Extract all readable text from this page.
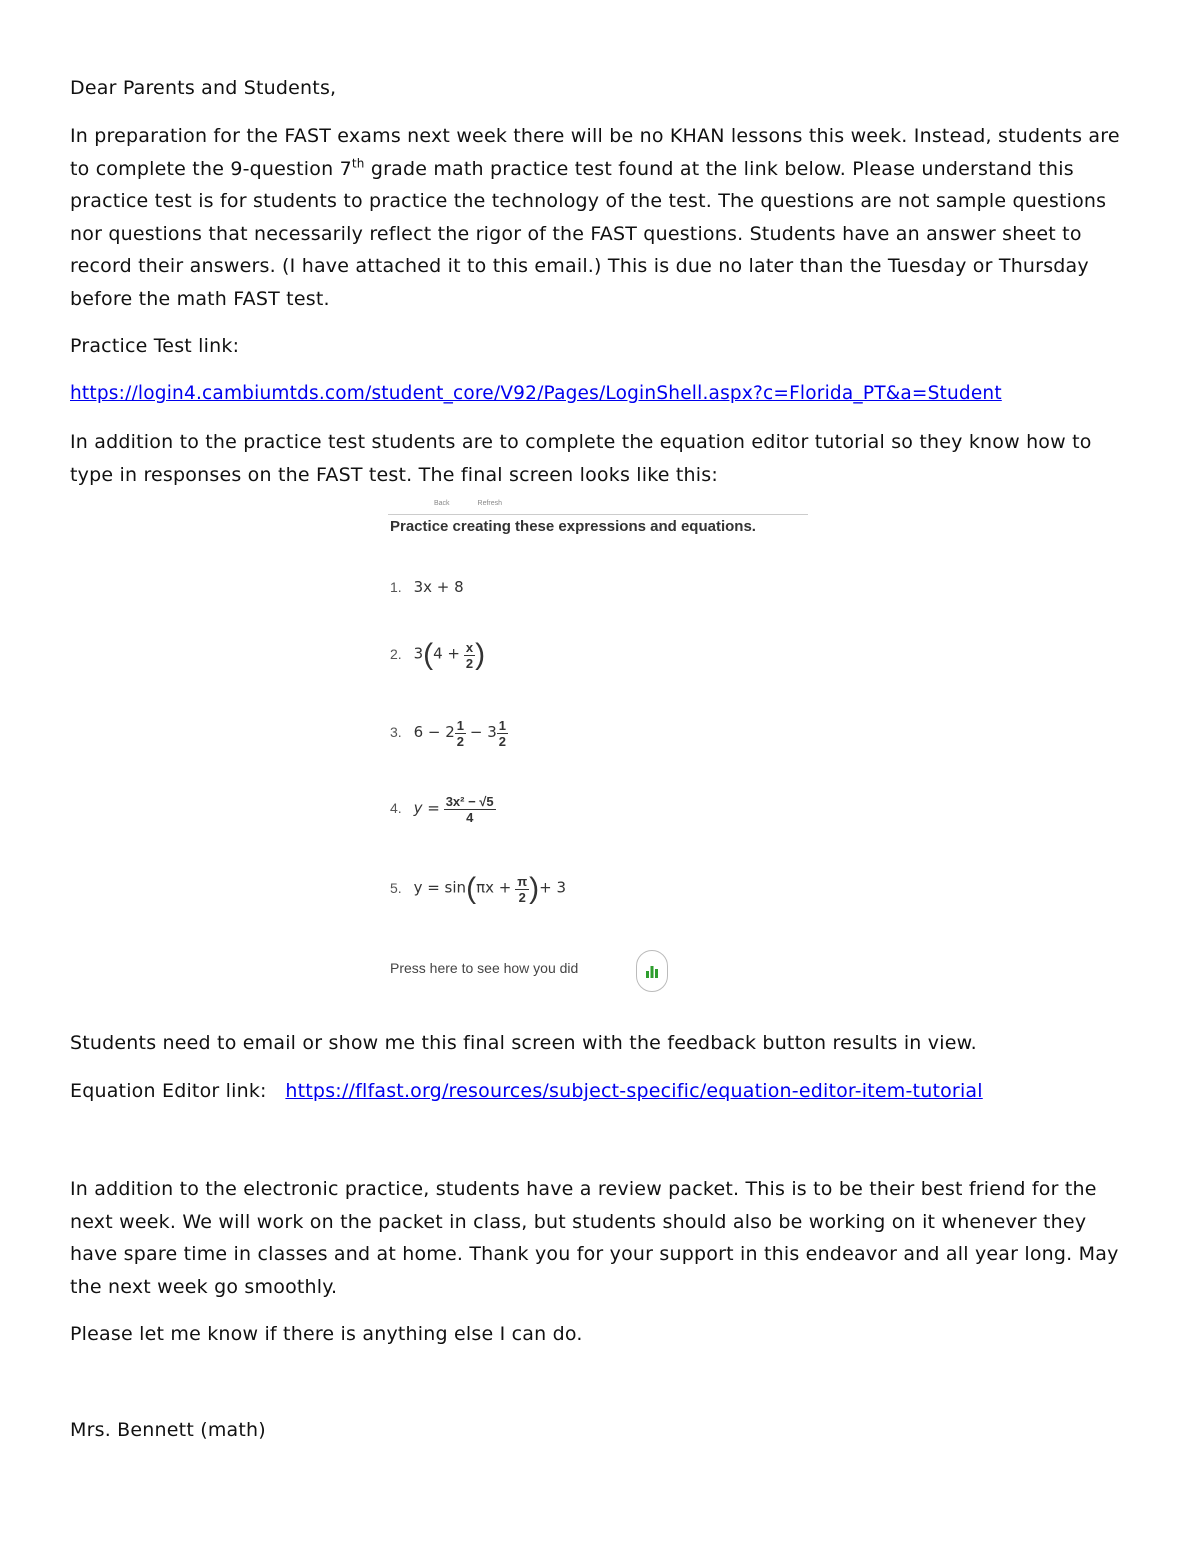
Dear Parents and Students,
In preparation for the FAST exams next week there will be no KHAN lessons this week. Instead, students are to complete the 9-question 7th grade math practice test found at the link below. Please understand this practice test is for students to practice the technology of the test. The questions are not sample questions nor questions that necessarily reflect the rigor of the FAST questions. Students have an answer sheet to record their answers. (I have attached it to this email.) This is due no later than the Tuesday or Thursday before the math FAST test.
Practice Test link:
https://login4.cambiumtds.com/student_core/V92/Pages/LoginShell.aspx?c=Florida_PT&a=Student
In addition to the practice test students are to complete the equation editor tutorial so they know how to type in responses on the FAST test. The final screen looks like this:
Back	Refresh
Practice creating these expressions and equations.
1. 3x + 8
2. $3(4 + \frac{x}{2}$ )
3. $6 - 2 \frac{1}{2} - 3 \frac{1}{2}$
4. $y = \frac{\text{3x² − √5}}{4}$
5. $y = \sin(\pi x + \frac{\pi}{2}$ )+ 3
Press here to see how you did
Students need to email or show me this final screen with the feedback button results in view.
Equation Editor link: https://flfast.org/resources/subject-specific/equation-editor-item-tutorial
In addition to the electronic practice, students have a review packet. This is to be their best friend for the next week. We will work on the packet in class, but students should also be working on it whenever they have spare time in classes and at home. Thank you for your support in this endeavor and all year long. May the next week go smoothly.
Please let me know if there is anything else I can do.
Mrs. Bennett (math)
